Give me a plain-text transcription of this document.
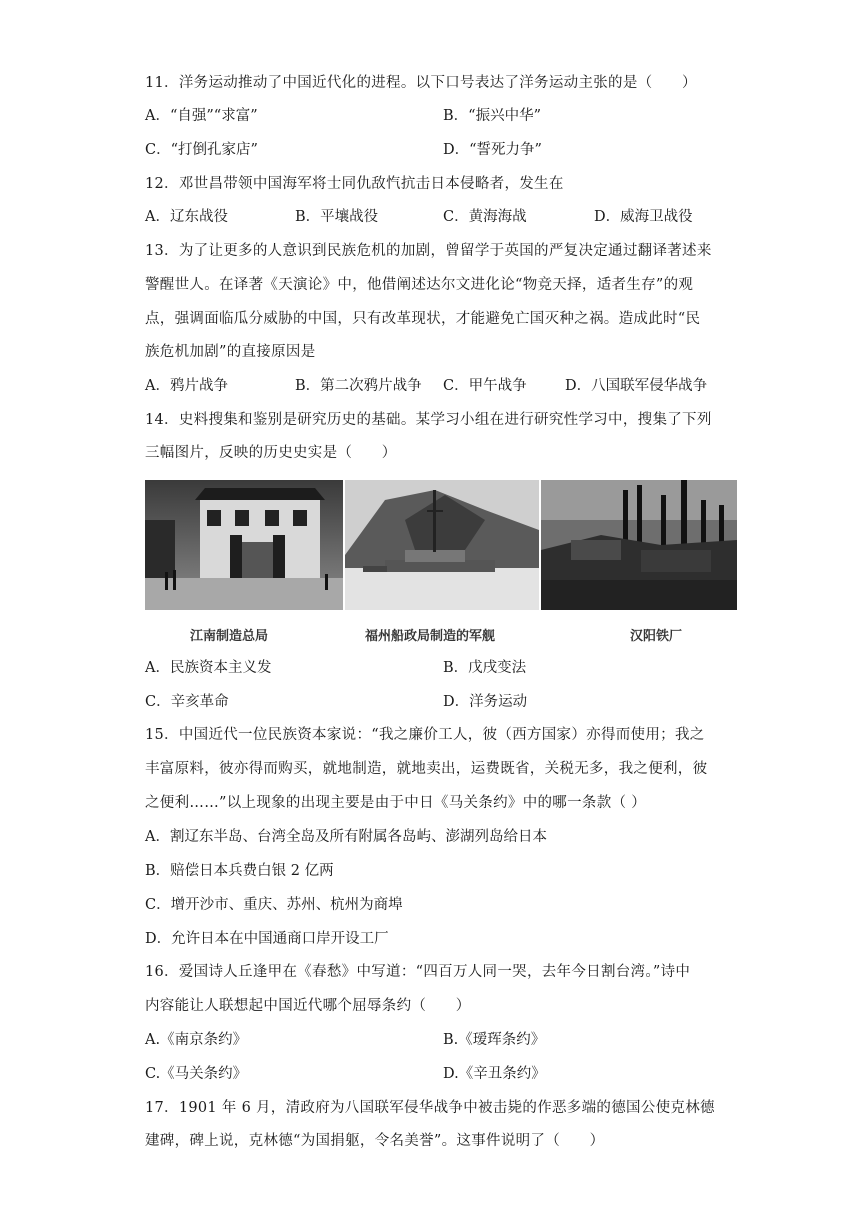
11．洋务运动推动了中国近代化的进程。以下口号表达了洋务运动主张的是（　　）
A．“自强”“求富”	B．“振兴中华”
C．“打倒孔家店”	D．“誓死力争”
12．邓世昌带领中国海军将士同仇敌忾抗击日本侵略者，发生在
A．辽东战役	B．平壤战役	C．黄海海战	D．威海卫战役
13．为了让更多的人意识到民族危机的加剧，曾留学于英国的严复决定通过翻译著述来
警醒世人。在译著《天演论》中，他借阐述达尔文进化论“物竞天择，适者生存”的观
点，强调面临瓜分威胁的中国，只有改革现状，才能避免亡国灭种之祸。造成此时“民
族危机加剧”的直接原因是
A．鸦片战争	B．第二次鸦片战争 C．甲午战争	D．八国联军侵华战争
14．史料搜集和鉴别是研究历史的基础。某学习小组在进行研究性学习中，搜集了下列
三幅图片，反映的历史史实是（　　）
江南制造总局	福州船政局制造的军舰	汉阳铁厂
A．民族资本主义发	B．戊戌变法
C．辛亥革命	D．洋务运动
15．中国近代一位民族资本家说：“我之廉价工人，彼（西方国家）亦得而使用；我之
丰富原料，彼亦得而购买，就地制造，就地卖出，运费既省，关税无多，我之便利，彼
之便利……”以上现象的出现主要是由于中日《马关条约》中的哪一条款（ ）
A．割辽东半岛、台湾全岛及所有附属各岛屿、澎湖列岛给日本
B．赔偿日本兵费白银 2 亿两
C．增开沙市、重庆、苏州、杭州为商埠
D．允许日本在中国通商口岸开设工厂
16．爱国诗人丘逢甲在《春愁》中写道：“四百万人同一哭，去年今日割台湾。”诗中
内容能让人联想起中国近代哪个屈辱条约（　　）
A.《南京条约》	B.《瑷珲条约》
C.《马关条约》	D.《辛丑条约》
17．1901 年 6 月，清政府为八国联军侵华战争中被击毙的作恶多端的德国公使克林德
建碑，碑上说，克林德“为国捐躯，令名美誉”。这事件说明了（　　）
